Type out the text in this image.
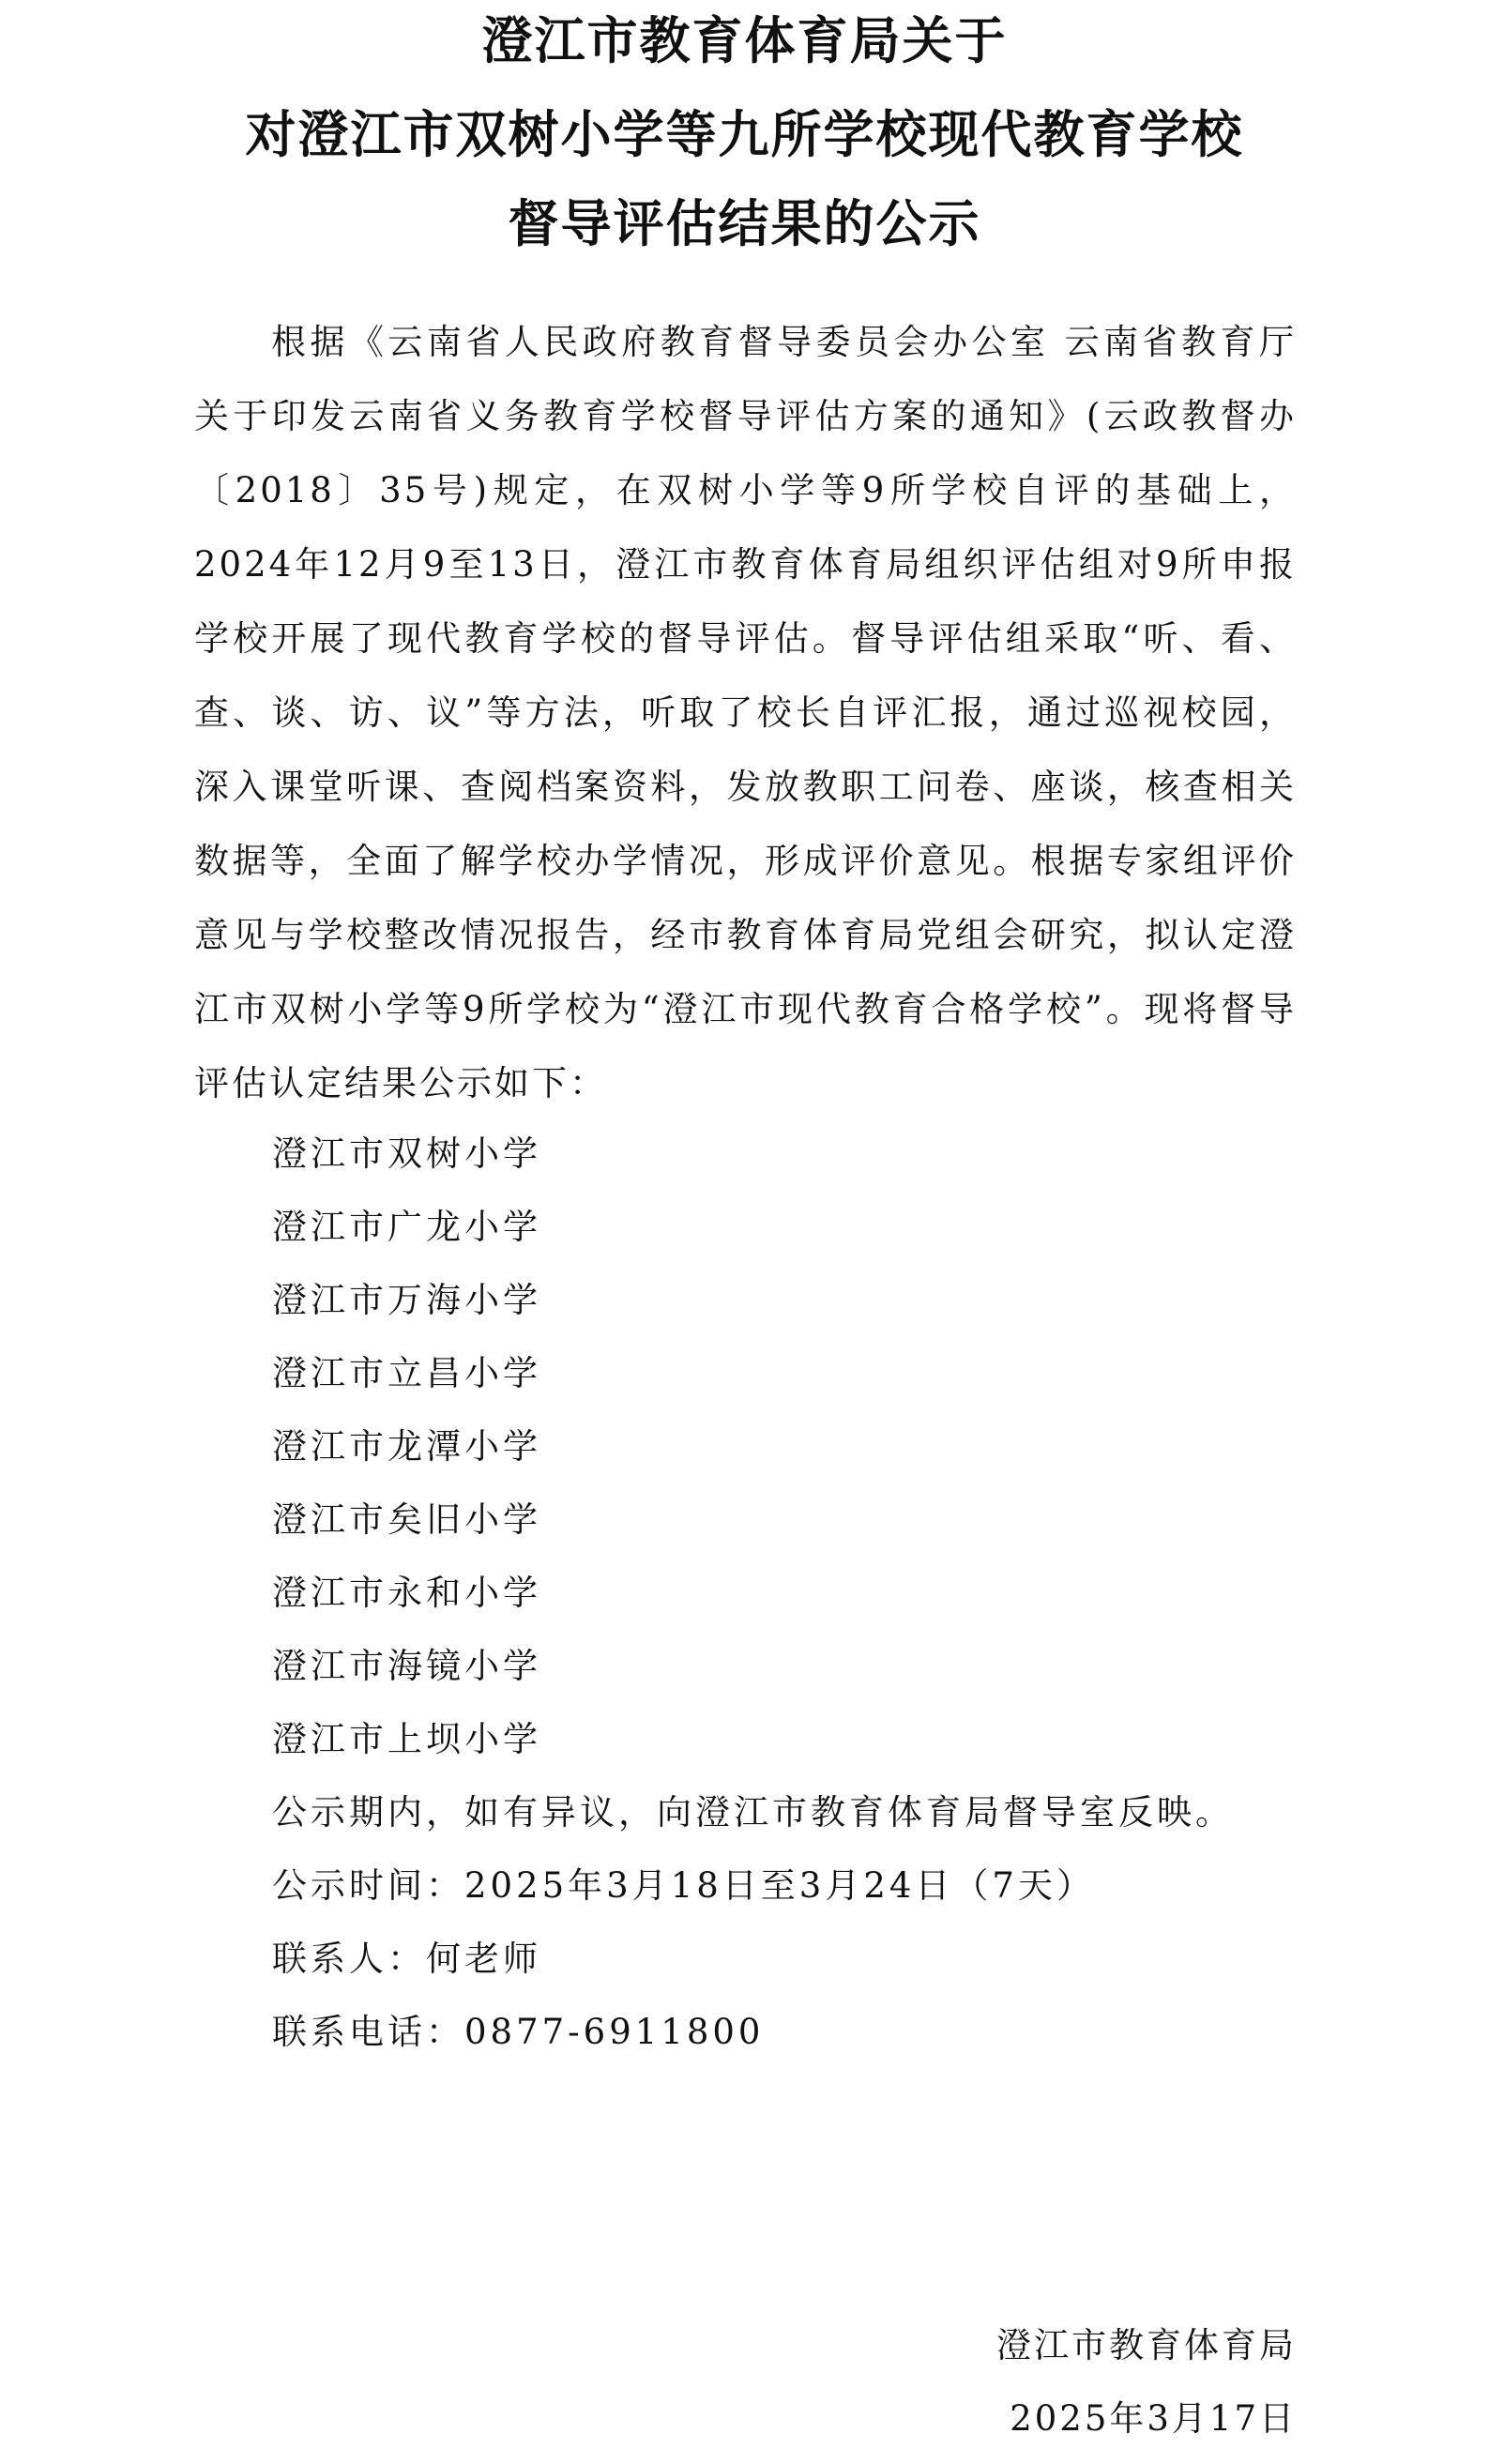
澄江市教育体育局关于
对澄江市双树小学等九所学校现代教育学校
督导评估结果的公示

根据《云南省人民政府教育督导委员会办公室 云南省教育厅关于印发云南省义务教育学校督导评估方案的通知》(云政教督办〔2018〕35号)规定，在双树小学等9所学校自评的基础上，2024年12月9至13日，澄江市教育体育局组织评估组对9所申报学校开展了现代教育学校的督导评估。督导评估组采取“听、看、查、谈、访、议”等方法，听取了校长自评汇报，通过巡视校园，深入课堂听课、查阅档案资料，发放教职工问卷、座谈，核查相关数据等，全面了解学校办学情况，形成评价意见。根据专家组评价意见与学校整改情况报告，经市教育体育局党组会研究，拟认定澄江市双树小学等9所学校为“澄江市现代教育合格学校”。现将督导评估认定结果公示如下：

澄江市双树小学
澄江市广龙小学
澄江市万海小学
澄江市立昌小学
澄江市龙潭小学
澄江市矣旧小学
澄江市永和小学
澄江市海镜小学
澄江市上坝小学
公示期内，如有异议，向澄江市教育体育局督导室反映。
公示时间：2025年3月18日至3月24日（7天）
联系人：何老师
联系电话：0877-6911800
澄江市教育体育局
2025年3月17日
